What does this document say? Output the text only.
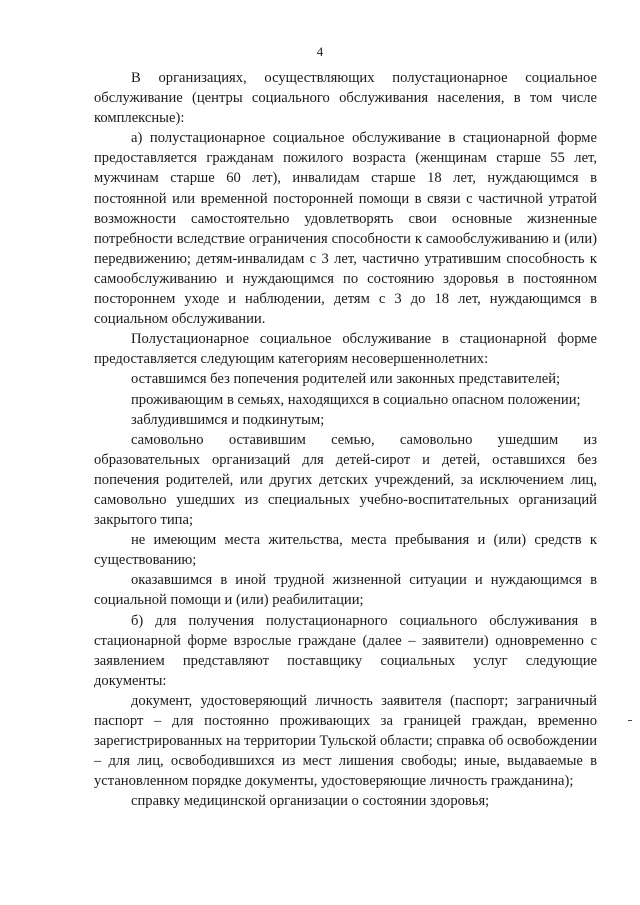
4

В организациях, осуществляющих полустационарное социальное обслуживание (центры социального обслуживания населения, в том числе комплексные):

а) полустационарное социальное обслуживание в стационарной форме предоставляется гражданам пожилого возраста (женщинам старше 55 лет, мужчинам старше 60 лет), инвалидам старше 18 лет, нуждающимся в постоянной или временной посторонней помощи в связи с частичной утратой возможности самостоятельно удовлетворять свои основные жизненные потребности вследствие ограничения способности к самообслуживанию и (или) передвижению; детям-инвалидам с 3 лет, частично утратившим способность к самообслуживанию и нуждающимся по состоянию здоровья в постоянном постороннем уходе и наблюдении, детям с 3 до 18 лет, нуждающимся в социальном обслуживании.

Полустационарное социальное обслуживание в стационарной форме предоставляется следующим категориям несовершеннолетних:

оставшимся без попечения родителей или законных представителей;

проживающим в семьях, находящихся в социально опасном положении;

заблудившимся и подкинутым;

самовольно оставившим семью, самовольно ушедшим из образовательных организаций для детей-сирот и детей, оставшихся без попечения родителей, или других детских учреждений, за исключением лиц, самовольно ушедших из специальных учебно-воспитательных организаций закрытого типа;

не имеющим места жительства, места пребывания и (или) средств к существованию;

оказавшимся в иной трудной жизненной ситуации и нуждающимся в социальной помощи и (или) реабилитации;

б) для получения полустационарного социального обслуживания в стационарной форме взрослые граждане (далее – заявители) одновременно с заявлением представляют поставщику социальных услуг следующие документы:

документ, удостоверяющий личность заявителя (паспорт; заграничный паспорт – для постоянно проживающих за границей граждан, временно зарегистрированных на территории Тульской области; справка об освобождении – для лиц, освободившихся из мест лишения свободы; иные, выдаваемые в установленном порядке документы, удостоверяющие личность гражданина);

справку медицинской организации о состоянии здоровья;
